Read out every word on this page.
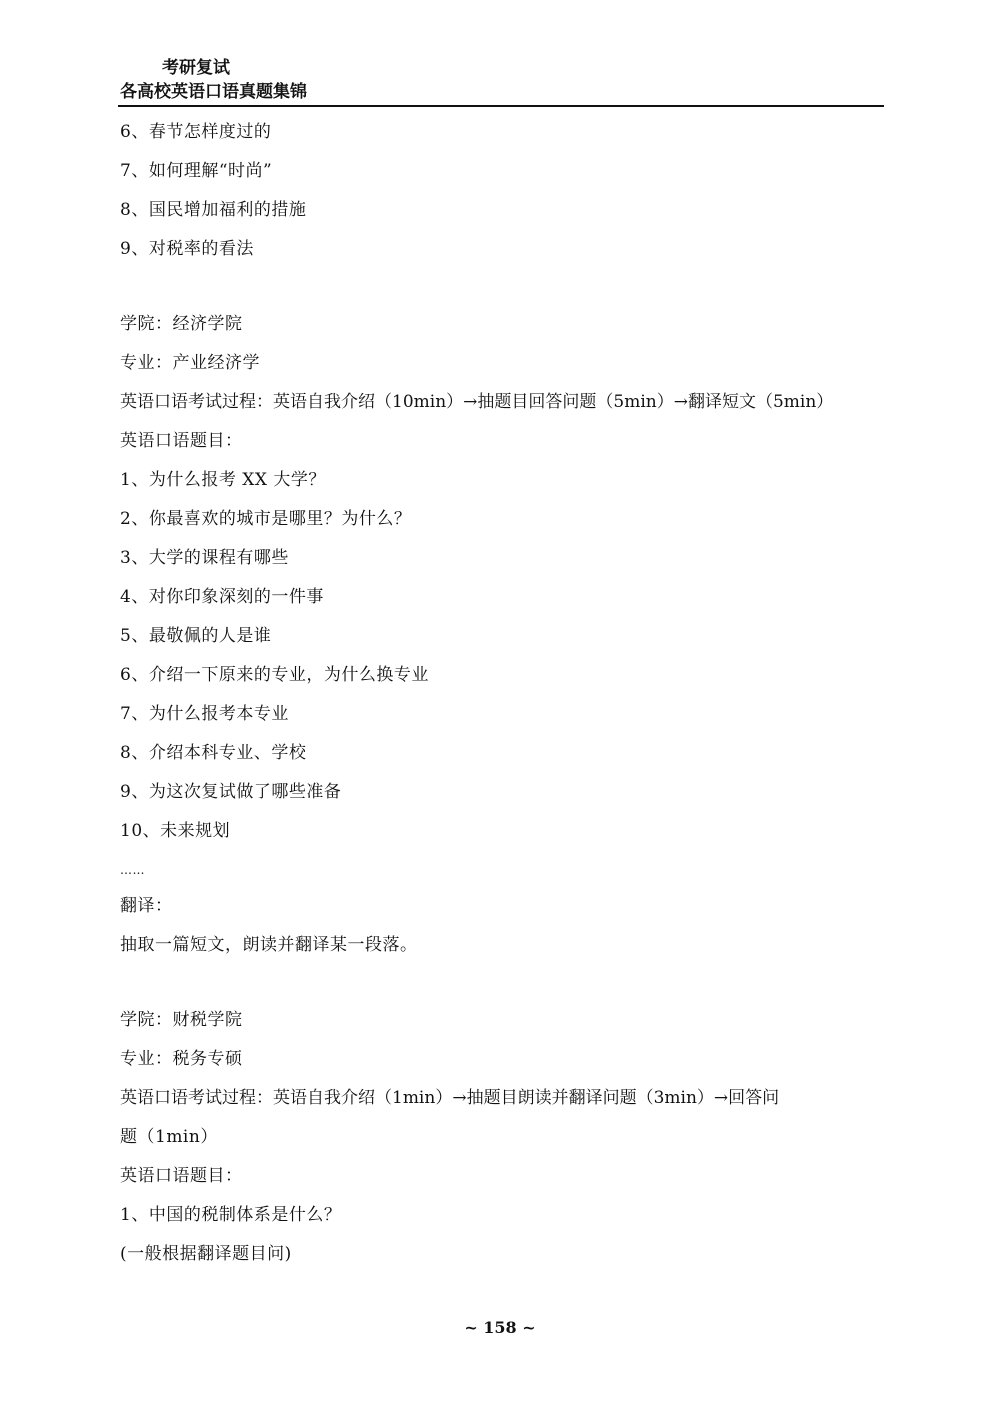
考研复试
各高校英语口语真题集锦
6、春节怎样度过的
7、如何理解“时尚”
8、国民增加福利的措施
9、对税率的看法
学院：经济学院
专业：产业经济学
英语口语考试过程：英语自我介绍（10min）→抽题目回答问题（5min）→翻译短文（5min）
英语口语题目：
1、为什么报考 XX 大学？
2、你最喜欢的城市是哪里？为什么？
3、大学的课程有哪些
4、对你印象深刻的一件事
5、最敬佩的人是谁
6、介绍一下原来的专业，为什么换专业
7、为什么报考本专业
8、介绍本科专业、学校
9、为这次复试做了哪些准备
10、未来规划
……
翻译：
抽取一篇短文，朗读并翻译某一段落。
学院：财税学院
专业：税务专硕
英语口语考试过程：英语自我介绍（1min）→抽题目朗读并翻译问题（3min）→回答问
题（1min）
英语口语题目：
1、中国的税制体系是什么？
(一般根据翻译题目问)
~ 158 ~
